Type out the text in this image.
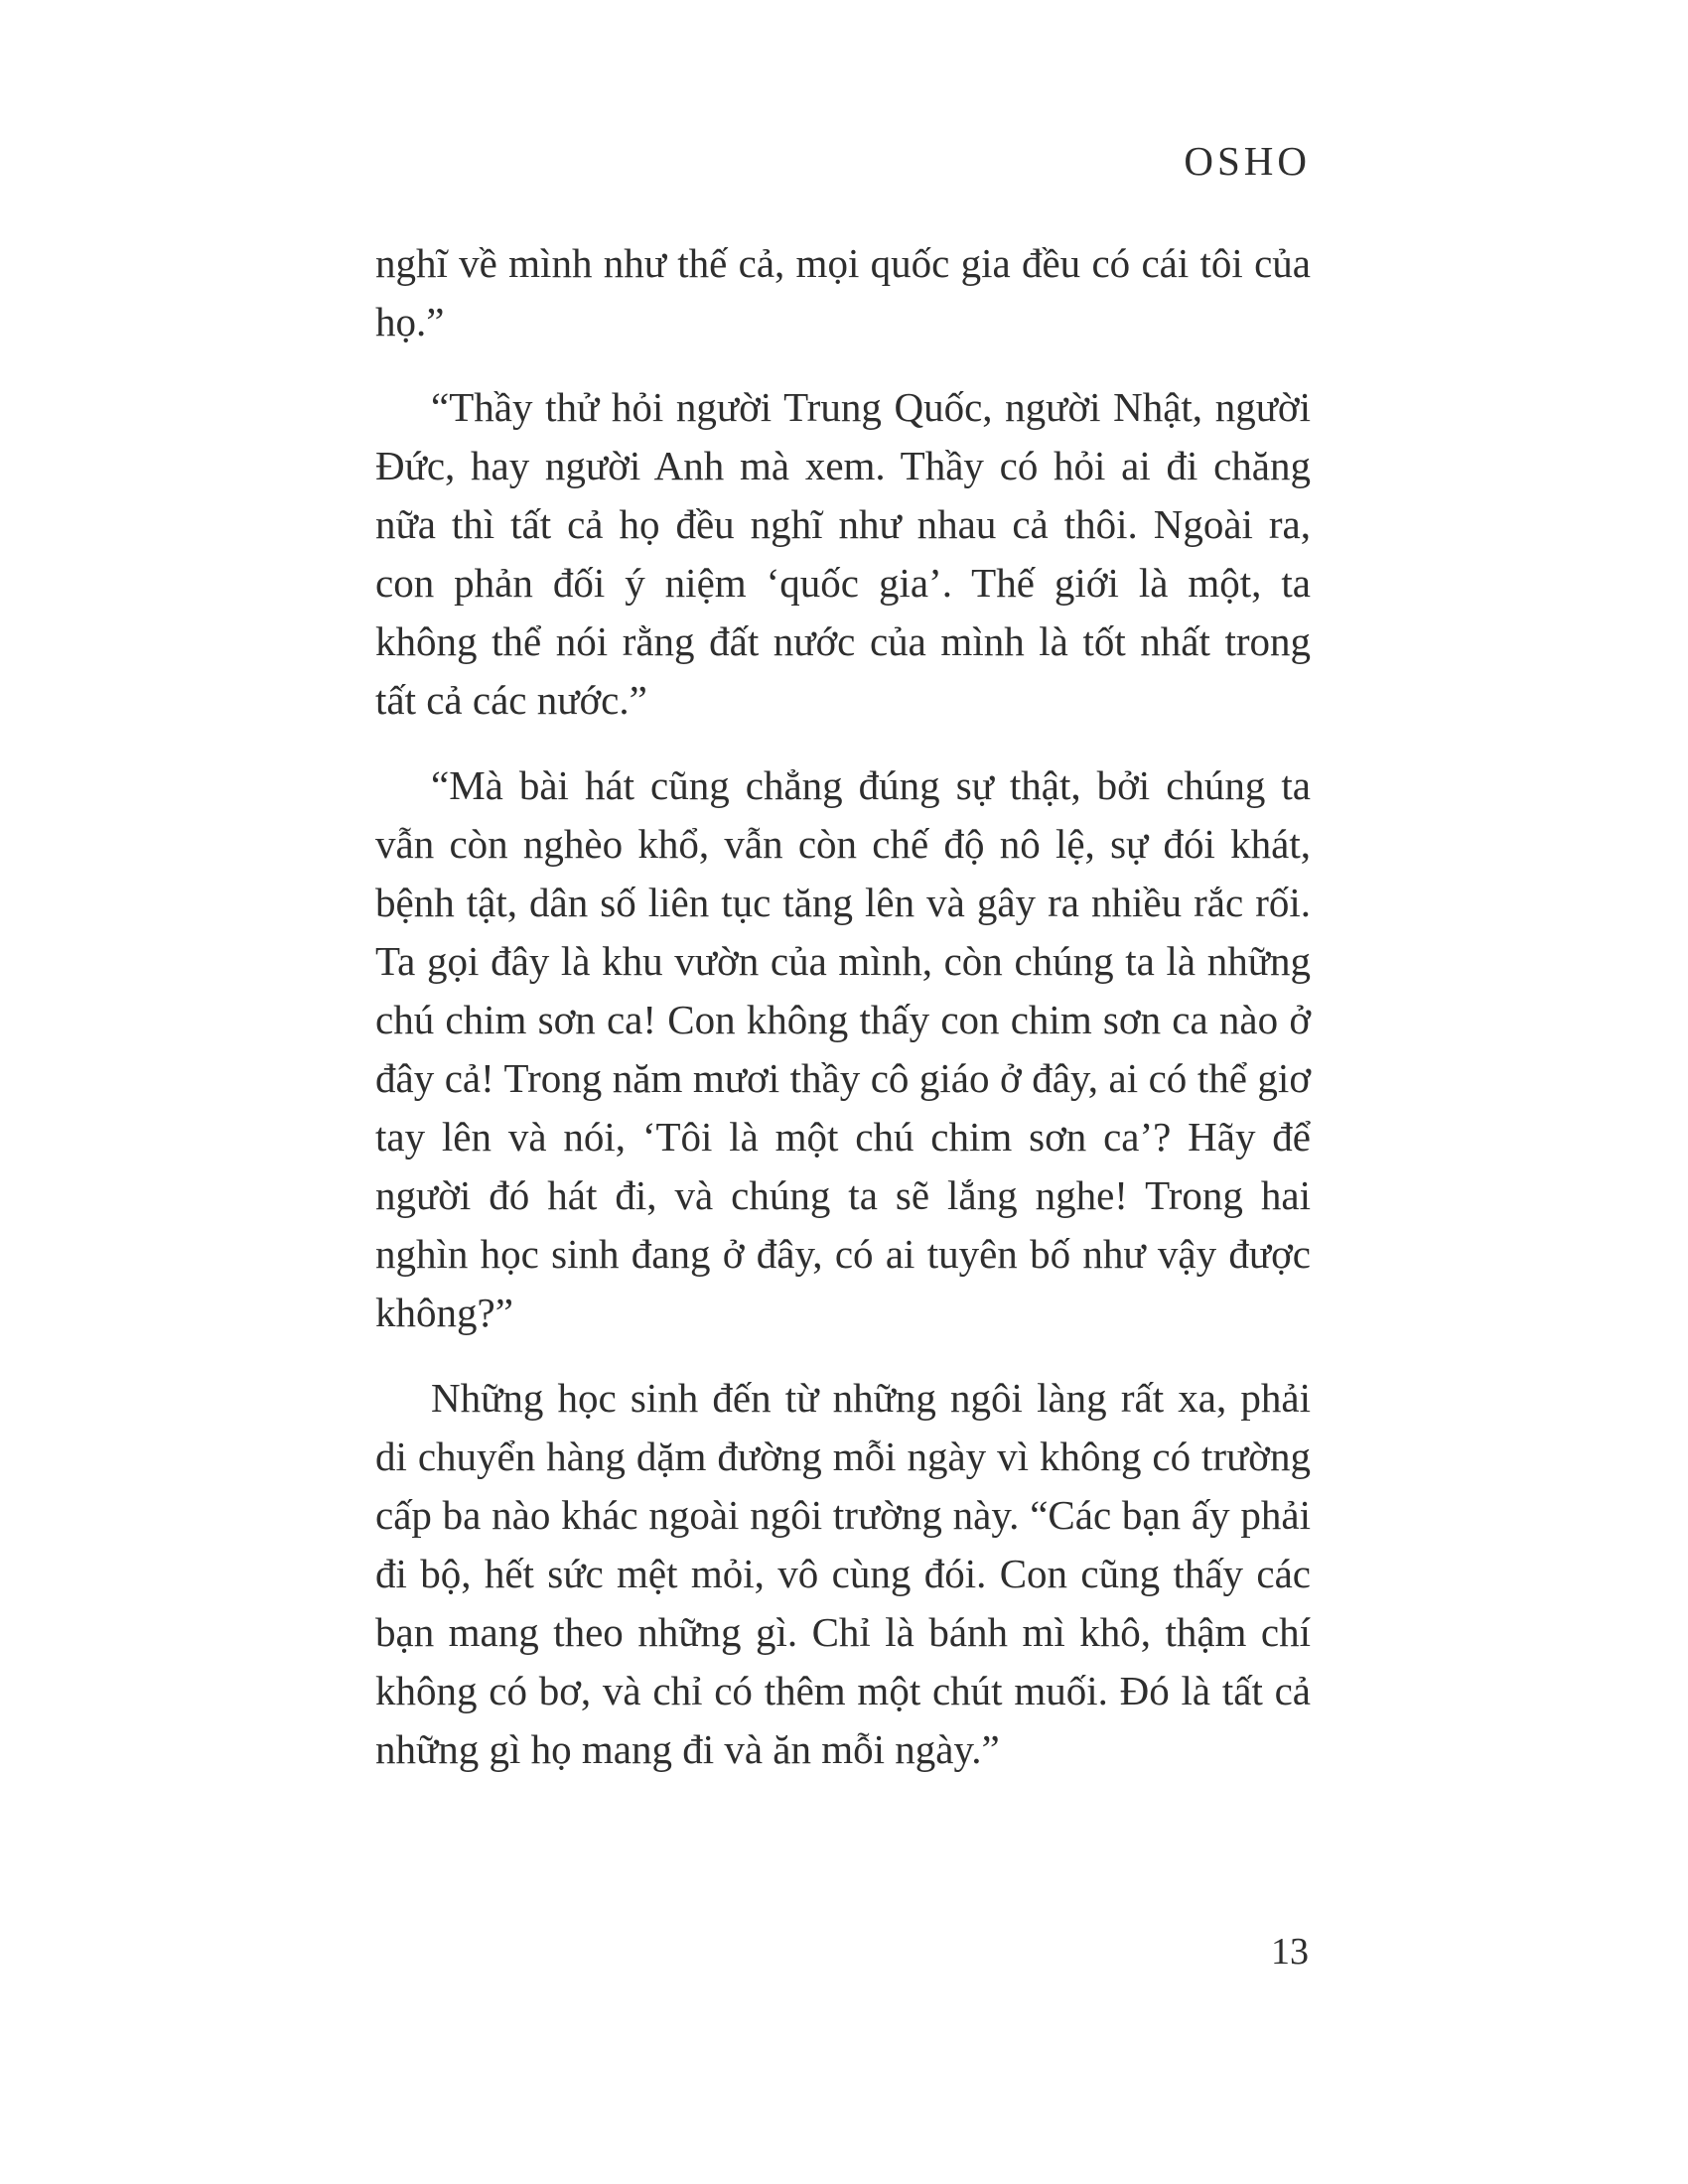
OSHO

nghĩ về mình như thế cả, mọi quốc gia đều có cái tôi của họ.”

“Thầy thử hỏi người Trung Quốc, người Nhật, người Đức, hay người Anh mà xem. Thầy có hỏi ai đi chăng nữa thì tất cả họ đều nghĩ như nhau cả thôi. Ngoài ra, con phản đối ý niệm ‘quốc gia’. Thế giới là một, ta không thể nói rằng đất nước của mình là tốt nhất trong tất cả các nước.”

“Mà bài hát cũng chẳng đúng sự thật, bởi chúng ta vẫn còn nghèo khổ, vẫn còn chế độ nô lệ, sự đói khát, bệnh tật, dân số liên tục tăng lên và gây ra nhiều rắc rối. Ta gọi đây là khu vườn của mình, còn chúng ta là những chú chim sơn ca! Con không thấy con chim sơn ca nào ở đây cả! Trong năm mươi thầy cô giáo ở đây, ai có thể giơ tay lên và nói, ‘Tôi là một chú chim sơn ca’? Hãy để người đó hát đi, và chúng ta sẽ lắng nghe! Trong hai nghìn học sinh đang ở đây, có ai tuyên bố như vậy được không?”

Những học sinh đến từ những ngôi làng rất xa, phải di chuyển hàng dặm đường mỗi ngày vì không có trường cấp ba nào khác ngoài ngôi trường này. “Các bạn ấy phải đi bộ, hết sức mệt mỏi, vô cùng đói. Con cũng thấy các bạn mang theo những gì. Chỉ là bánh mì khô, thậm chí không có bơ, và chỉ có thêm một chút muối. Đó là tất cả những gì họ mang đi và ăn mỗi ngày.”

13
